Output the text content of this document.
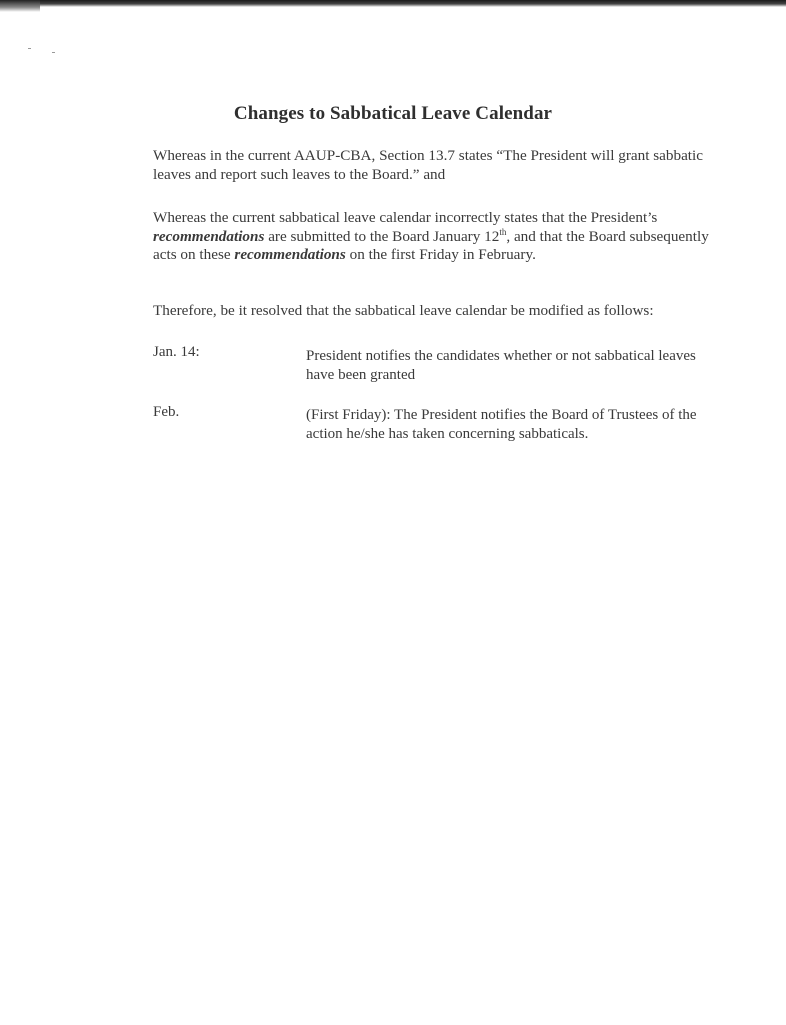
Changes to Sabbatical Leave Calendar

Whereas in the current AAUP-CBA, Section 13.7 states “The President will grant sabbatic leaves and report such leaves to the Board.” and

Whereas the current sabbatical leave calendar incorrectly states that the President’s recommendations are submitted to the Board January 12th, and that the Board subsequently acts on these recommendations on the first Friday in February.

Therefore, be it resolved that the sabbatical leave calendar be modified as follows:

Jan. 14:	President notifies the candidates whether or not sabbatical leaves have been granted
Feb.	(First Friday): The President notifies the Board of Trustees of the action he/she has taken concerning sabbaticals.
